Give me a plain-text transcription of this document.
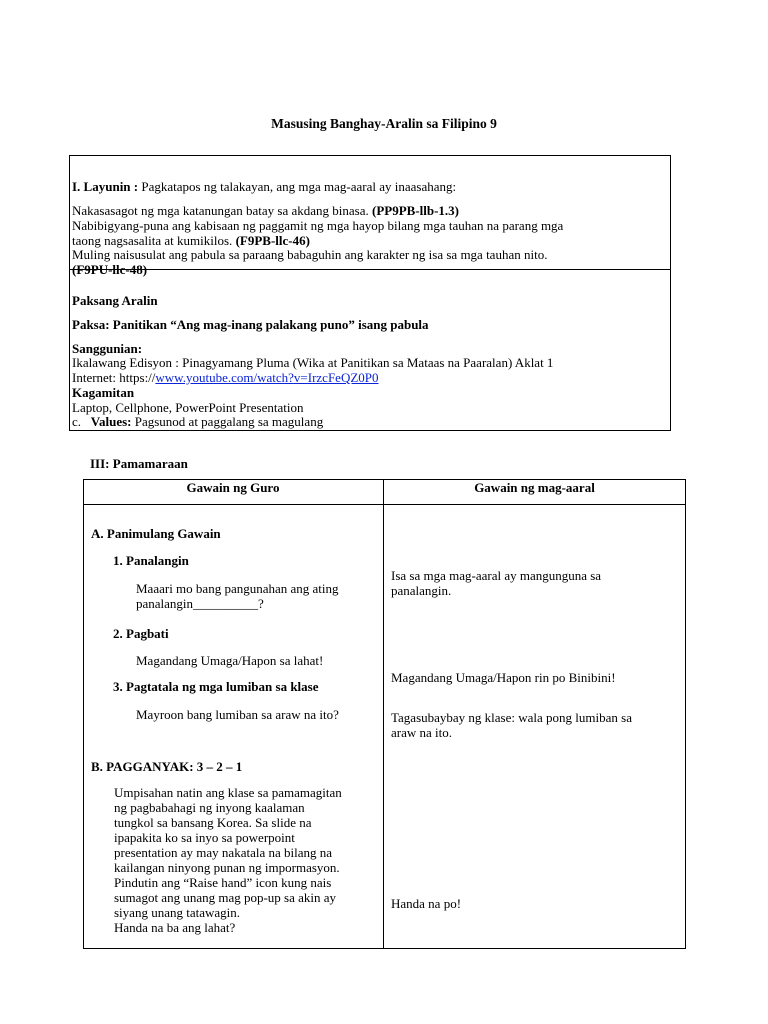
Masusing Banghay-Aralin sa Filipino 9
I. Layunin : Pagkatapos ng talakayan, ang mga mag-aaral ay inaasahang:
Nakasasagot ng mga katanungan batay sa akdang binasa. (PP9PB-llb-1.3)
Nabibigyang-puna ang kabisaan ng paggamit ng mga hayop bilang mga tauhan na parang mga
taong nagsasalita at kumikilos. (F9PB-llc-46)
Muling naisusulat ang pabula sa paraang babaguhin ang karakter ng isa sa mga tauhan nito.
(F9PU-llc-48)
Paksang Aralin
Paksa: Panitikan “Ang mag-inang palakang puno” isang pabula
Sanggunian:
Ikalawang Edisyon : Pinagyamang Pluma (Wika at Panitikan sa Mataas na Paaralan) Aklat 1
Internet: https://www.youtube.com/watch?v=IrzcFeQZ0P0
Kagamitan
Laptop, Cellphone, PowerPoint Presentation
c.   Values: Pagsunod at paggalang sa magulang
III: Pamamaraan
Gawain ng Guro	Gawain ng mag-aaral
A. Panimulang Gawain
1. Panalangin
Maaari mo bang pangunahan ang ating
panalangin__________?
2. Pagbati
Magandang Umaga/Hapon sa lahat!
3. Pagtatala ng mga lumiban sa klase
Mayroon bang lumiban sa araw na ito?
B. PAGGANYAK: 3 – 2 – 1
Umpisahan natin ang klase sa pamamagitan
ng pagbabahagi ng inyong kaalaman
tungkol sa bansang Korea. Sa slide na
ipapakita ko sa inyo sa powerpoint
presentation ay may nakatala na bilang na
kailangan ninyong punan ng impormasyon.
Pindutin ang “Raise hand” icon kung nais
sumagot ang unang mag pop-up sa akin ay
siyang unang tatawagin.
Handa na ba ang lahat?
Isa sa mga mag-aaral ay mangunguna sa
panalangin.
Magandang Umaga/Hapon rin po Binibini!
Tagasubaybay ng klase: wala pong lumiban sa
araw na ito.
Handa na po!
